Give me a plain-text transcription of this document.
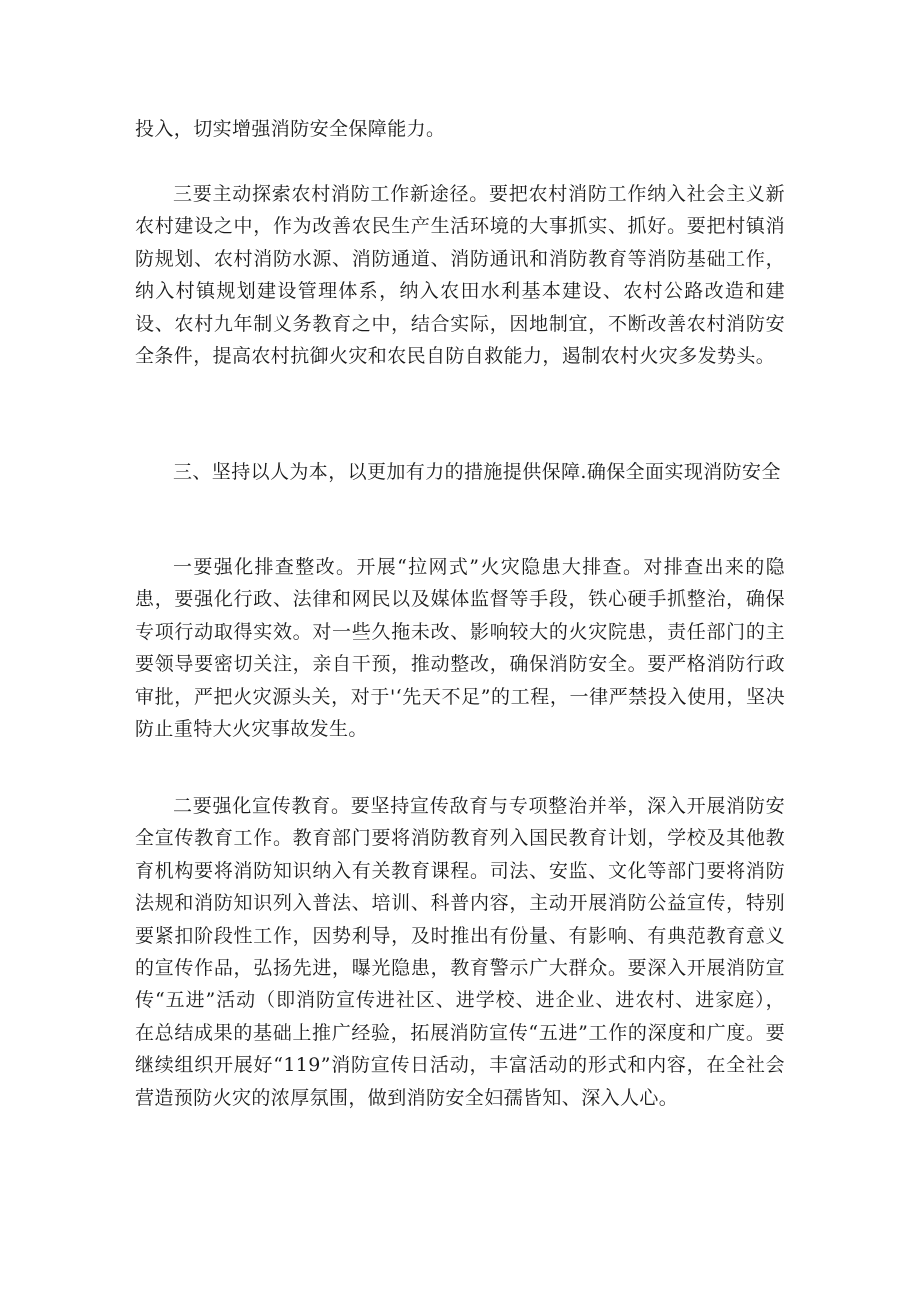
投入，切实增强消防安全保障能力。

三要主动探索农村消防工作新途径。要把农村消防工作纳入社会主义新农村建设之中，作为改善农民生产生活环境的大事抓实、抓好。要把村镇消防规划、农村消防水源、消防通道、消防通讯和消防教育等消防基础工作，纳入村镇规划建设管理体系，纳入农田水利基本建设、农村公路改造和建设、农村九年制义务教育之中，结合实际，因地制宜，不断改善农村消防安全条件，提高农村抗御火灾和农民自防自救能力，遏制农村火灾多发势头。

三、坚持以人为本，以更加有力的措施提供保障.确保全面实现消防安全

一要强化排查整改。开展“拉网式”火灾隐患大排查。对排查出来的隐患，要强化行政、法律和网民以及媒体监督等手段，铁心硬手抓整治，确保专项行动取得实效。对一些久拖未改、影响较大的火灾院患，责任部门的主要领导要密切关注，亲自干预，推动整改，确保消防安全。要严格消防行政审批，严把火灾源头关，对于'‘先天不足”的工程，一律严禁投入使用，坚决防止重特大火灾事故发生。

二要强化宣传教育。要坚持宣传敌育与专项整治并举，深入开展消防安全宣传教育工作。教育部门要将消防教育列入国民教育计划，学校及其他教育机构要将消防知识纳入有关教育课程。司法、安监、文化等部门要将消防法规和消防知识列入普法、培训、科普内容，主动开展消防公益宣传，特别要紧扣阶段性工作，因势利导，及时推出有份量、有影响、有典范教育意义的宣传作品，弘扬先进，曝光隐患，教育警示广大群众。要深入开展消防宣传“五进”活动（即消防宣传进社区、进学校、进企业、进农村、进家庭），在总结成果的基础上推广经验，拓展消防宣传“五进”工作的深度和广度。要继续组织开展好“119”消防宣传日活动，丰富活动的形式和内容，在全社会营造预防火灾的浓厚氛围，做到消防安全妇孺皆知、深入人心。
